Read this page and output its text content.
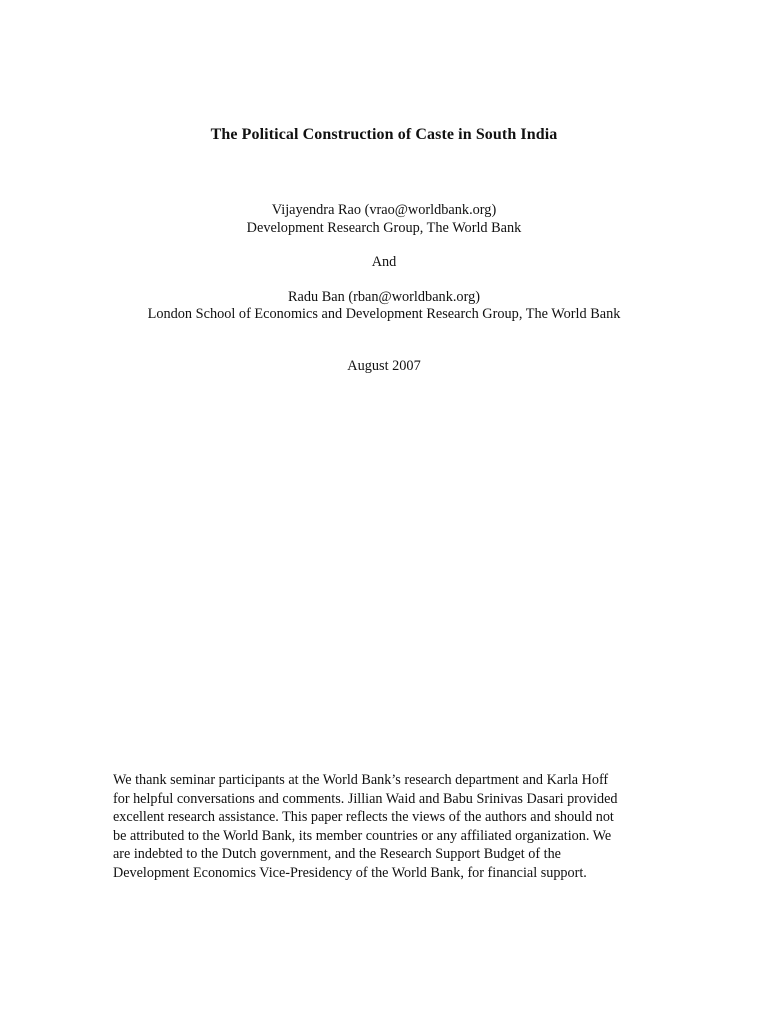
The Political Construction of Caste in South India
Vijayendra Rao (vrao@worldbank.org)
Development Research Group, The World Bank
And
Radu Ban (rban@worldbank.org)
London School of Economics and Development Research Group, The World Bank
August 2007
We thank seminar participants at the World Bank’s research department and Karla Hoff
for helpful conversations and comments. Jillian Waid and Babu Srinivas Dasari provided
excellent research assistance. This paper reflects the views of the authors and should not
be attributed to the World Bank, its member countries or any affiliated organization. We
are indebted to the Dutch government, and the Research Support Budget of the
Development Economics Vice-Presidency of the World Bank, for financial support.
